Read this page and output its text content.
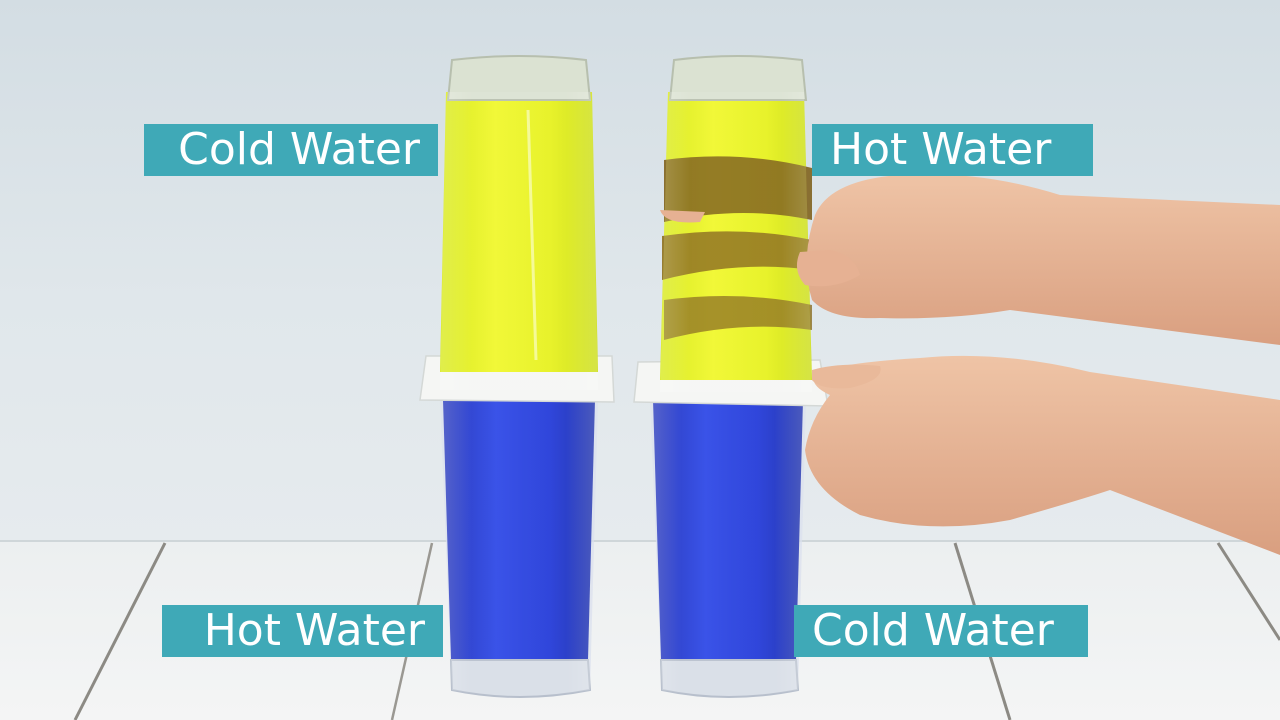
Cold Water	Hot Water
Hot Water	Cold Water
